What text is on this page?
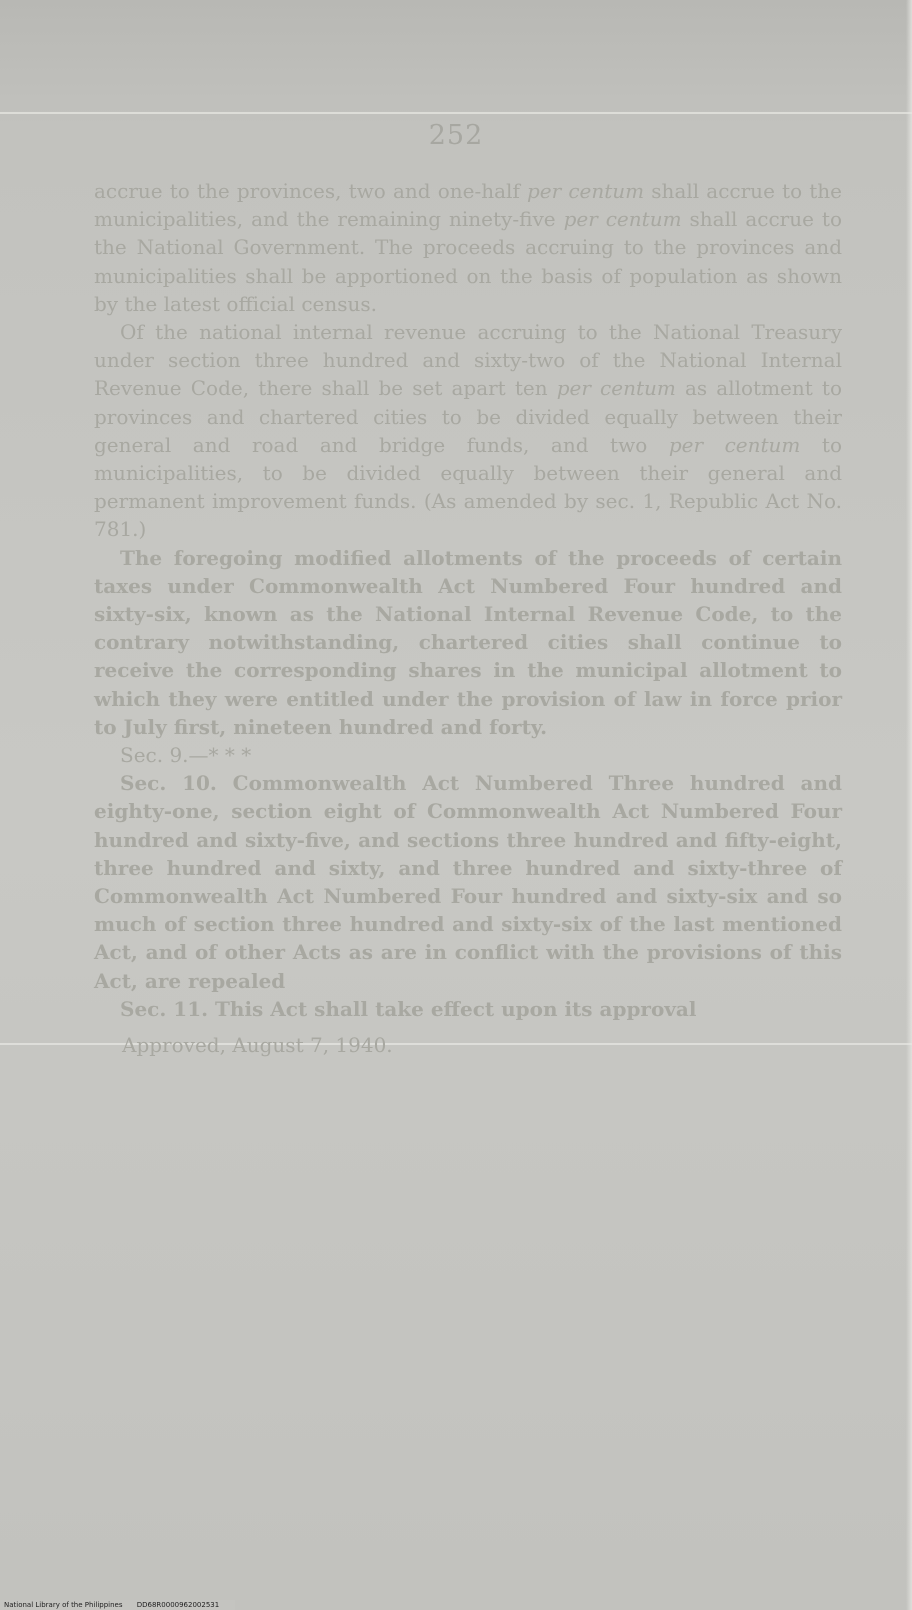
252

accrue to the provinces, two and one-half per centum shall accrue to the municipalities, and the remaining ninety-five per centum shall accrue to the National Government. The proceeds accruing to the provinces and municipalities shall be apportioned on the basis of population as shown by the latest official census.

Of the national internal revenue accruing to the National Treasury under section three hundred and sixty-two of the National Internal Revenue Code, there shall be set apart ten per centum as allotment to provinces and chartered cities to be divided equally between their general and road and bridge funds, and two per centum to municipalities, to be divided equally between their general and permanent improvement funds. (As amended by sec. 1, Republic Act No. 781.)

The foregoing modified allotments of the proceeds of certain taxes under Commonwealth Act Numbered Four hundred and sixty-six, known as the National Internal Revenue Code, to the contrary notwithstanding, chartered cities shall continue to receive the corresponding shares in the municipal allotment to which they were entitled under the provision of law in force prior to July first, nineteen hundred and forty.

Sec. 9.—* * *

Sec. 10. Commonwealth Act Numbered Three hundred and eighty-one, section eight of Commonwealth Act Numbered Four hundred and sixty-five, and sections three hundred and fifty-eight, three hundred and sixty, and three hundred and sixty-three of Commonwealth Act Numbered Four hundred and sixty-six and so much of section three hundred and sixty-six of the last mentioned Act, and of other Acts as are in conflict with the provisions of this Act, are repealed

Sec. 11. This Act shall take effect upon its approval

Approved, August 7, 1940.

National Library of the Philippines DD68R0000962002531
